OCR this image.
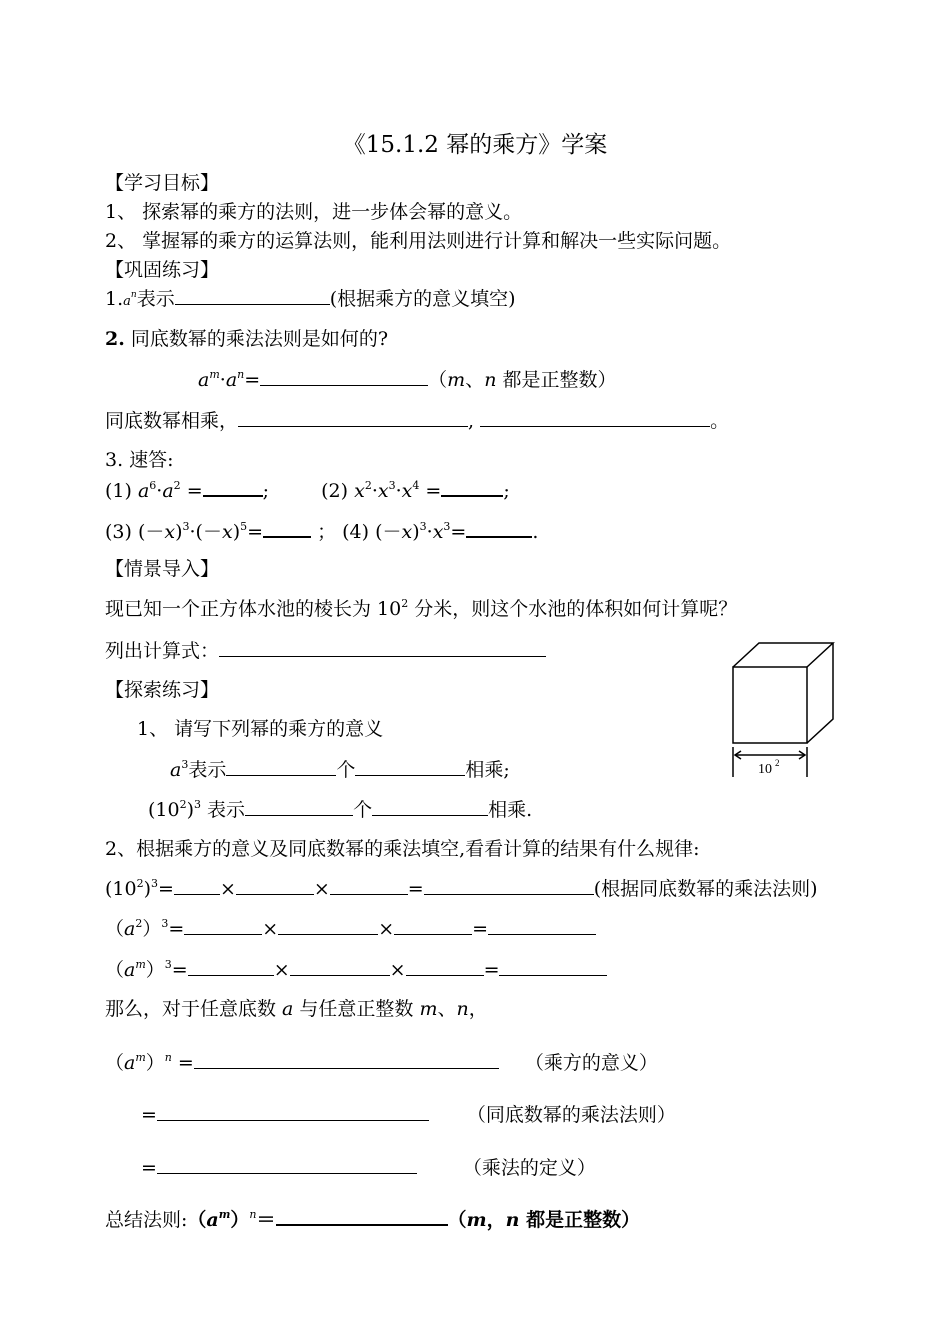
《15.1.2 幂的乘方》学案
【学习目标】
1、 探索幂的乘方的法则，进一步体会幂的意义。
2、 掌握幂的乘方的运算法则，能利用法则进行计算和解决一些实际问题。
【巩固练习】
$1.a^n$表示	(根据乘方的意义填空)
2. 同底数幂的乘法法则是如何的?
$a^m\cdot a^n=$	（m、n 都是正整数）
同底数幂相乘，	,	。
3. 速答:
(1) $a^6\cdot a^2$ =	;	(2) $x^2\cdot x^3\cdot x^4$ =	;
(3) $(-x)^3\cdot(-x)^5=$	； (4) $(-x)^3\cdot x^3=$	.
【情景导入】
现已知一个正方体水池的棱长为 $10^2$ 分米，则这个水池的体积如何计算呢？
列出计算式：
【探索练习】
1、 请写下列幂的乘方的意义
$a^3$表示	个	相乘;
$(10^2)^3$ 表示	个	相乘.
2、根据乘方的意义及同底数幂的乘法填空,看看计算的结果有什么规律:
$(10^2)^3=$ ×	×	=	(根据同底数幂的乘法法则)
$(a^2)^3=$	×	×	=
$(a^m)^3=$	×	×	=
那么，对于任意底数 a 与任意正整数 m、n，
$(a^m)^n$ =	（乘方的意义）
=	（同底数幂的乘法法则）
=	（乘法的定义）
总结法则$:(a^m)^n=$	（m，n 都是正整数）
10 2
